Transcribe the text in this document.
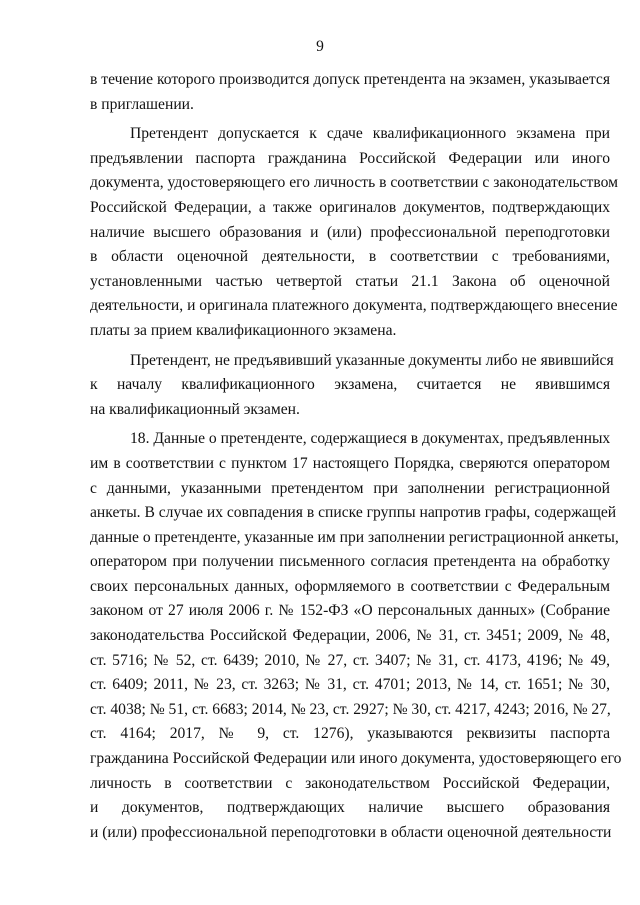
9
в течение которого производится допуск претендента на экзамен, указывается
в приглашении.
Претендент допускается к сдаче квалификационного экзамена при
предъявлении паспорта гражданина Российской Федерации или иного
документа, удостоверяющего его личность в соответствии с законодательством
Российской Федерации, а также оригиналов документов, подтверждающих
наличие высшего образования и (или) профессиональной переподготовки
в области оценочной деятельности, в соответствии с требованиями,
установленными частью четвертой статьи 21.1 Закона об оценочной
деятельности, и оригинала платежного документа, подтверждающего внесение
платы за прием квалификационного экзамена.
Претендент, не предъявивший указанные документы либо не явившийся
к началу квалификационного экзамена, считается не явившимся
на квалификационный экзамен.
18. Данные о претенденте, содержащиеся в документах, предъявленных
им в соответствии с пунктом 17 настоящего Порядка, сверяются оператором
с данными, указанными претендентом при заполнении регистрационной
анкеты. В случае их совпадения в списке группы напротив графы, содержащей
данные о претенденте, указанные им при заполнении регистрационной анкеты,
оператором при получении письменного согласия претендента на обработку
своих персональных данных, оформляемого в соответствии с Федеральным
законом от 27 июля 2006 г. № 152-ФЗ «О персональных данных» (Собрание
законодательства Российской Федерации, 2006, № 31, ст. 3451; 2009, № 48,
ст. 5716; № 52, ст. 6439; 2010, № 27, ст. 3407; № 31, ст. 4173, 4196; № 49,
ст. 6409; 2011, № 23, ст. 3263; № 31, ст. 4701; 2013, № 14, ст. 1651; № 30,
ст. 4038; № 51, ст. 6683; 2014, № 23, ст. 2927; № 30, ст. 4217, 4243; 2016, № 27,
ст. 4164; 2017, № 9, ст. 1276), указываются реквизиты паспорта
гражданина Российской Федерации или иного документа, удостоверяющего его
личность в соответствии с законодательством Российской Федерации,
и документов, подтверждающих наличие высшего образования
и (или) профессиональной переподготовки в области оценочной деятельности
